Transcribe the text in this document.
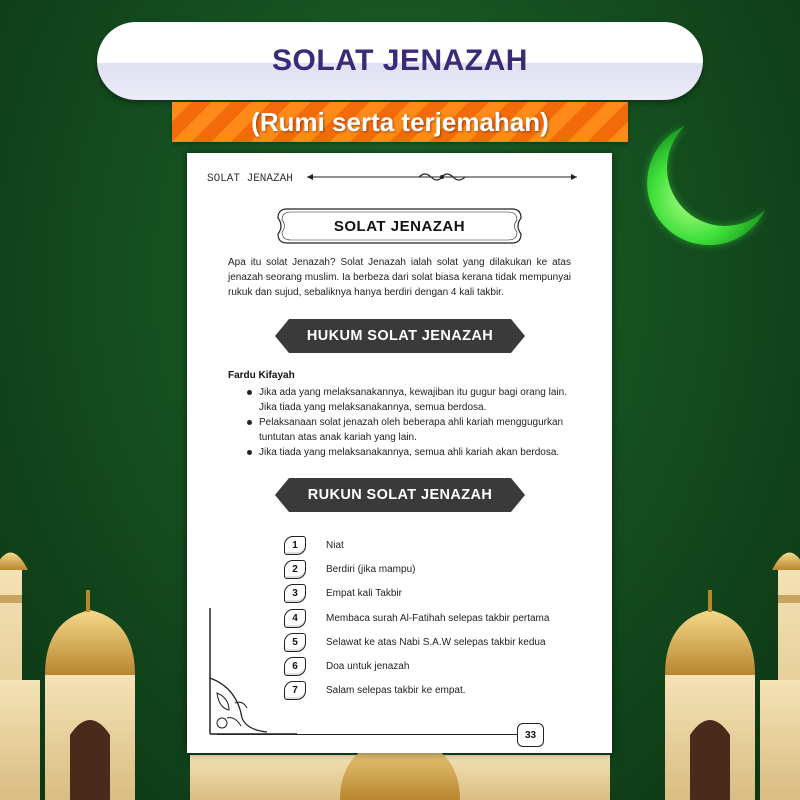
SOLAT JENAZAH
(Rumi serta terjemahan)
SOLAT JENAZAH
SOLAT JENAZAH
Apa itu solat Jenazah? Solat Jenazah ialah solat yang dilakukan ke atas jenazah seorang muslim. Ia berbeza dari solat biasa kerana tidak mempunyai rukuk dan sujud, sebaliknya hanya berdiri dengan 4 kali takbir.
HUKUM SOLAT JENAZAH
Fardu Kifayah
Jika ada yang melaksanakannya, kewajiban itu gugur bagi orang lain. Jika tiada yang melaksanakannya, semua berdosa.
Pelaksanaan solat jenazah oleh beberapa ahli kariah menggugurkan tuntutan atas anak kariah yang lain.
Jika tiada yang melaksanakannya, semua ahli kariah akan berdosa.
RUKUN SOLAT JENAZAH
1	Niat
2	Berdiri (jika mampu)
3	Empat kali Takbir
4	Membaca surah Al-Fatihah selepas takbir pertama
5	Selawat ke atas Nabi S.A.W selepas takbir kedua
6	Doa untuk jenazah
7	Salam selepas takbir ke empat.
33
